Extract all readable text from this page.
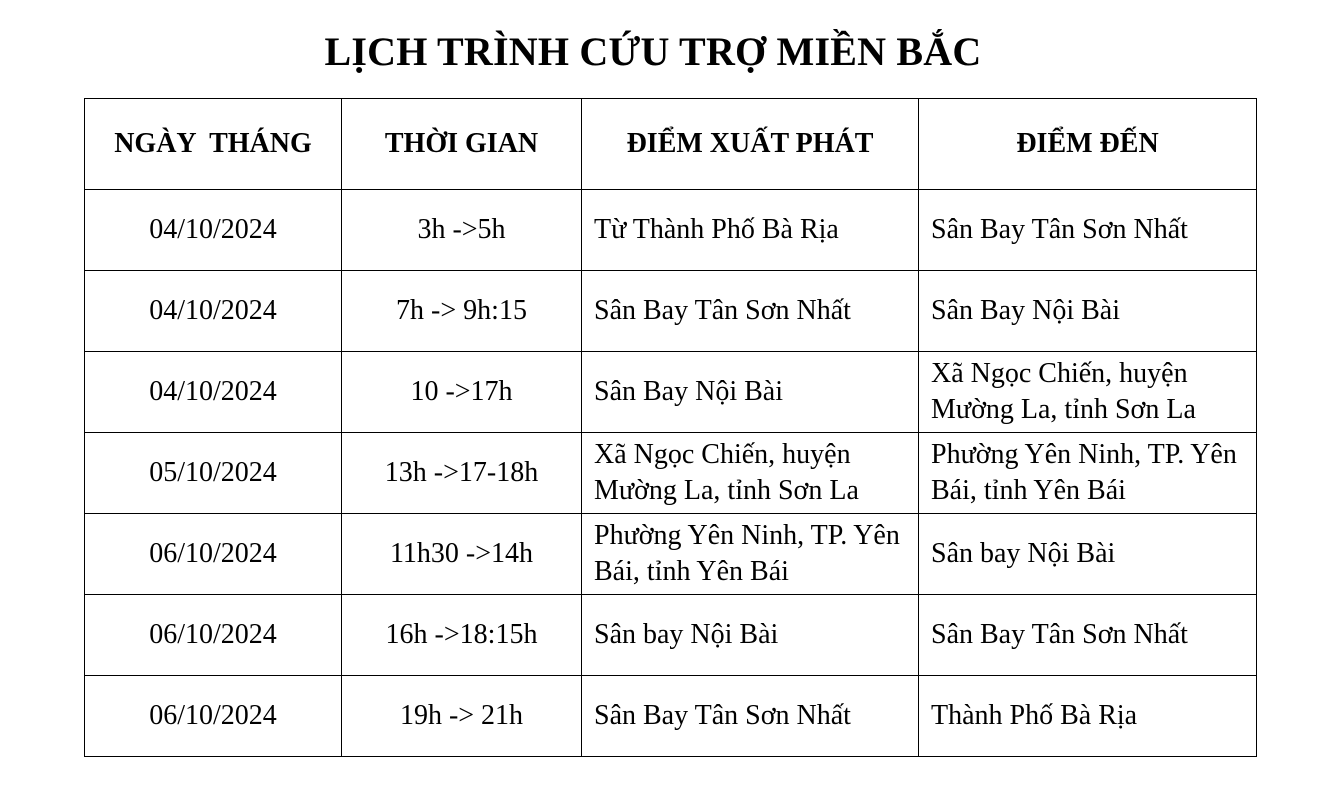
LỊCH TRÌNH CỨU TRỢ MIỀN BẮC
NGÀY  THÁNG	THỜI GIAN	ĐIỂM XUẤT PHÁT	ĐIỂM ĐẾN
04/10/2024	3h ->5h	Từ Thành Phố Bà Rịa	Sân Bay Tân Sơn Nhất
04/10/2024	7h -> 9h:15	Sân Bay Tân Sơn Nhất	Sân Bay Nội Bài
04/10/2024	10 ->17h	Sân Bay Nội Bài	Xã Ngọc Chiến, huyện Mường La, tỉnh Sơn La
05/10/2024	13h ->17-18h	Xã Ngọc Chiến, huyện Mường La, tỉnh Sơn La	Phường Yên Ninh, TP. Yên Bái, tỉnh Yên Bái
06/10/2024	11h30 ->14h	Phường Yên Ninh, TP. Yên Bái, tỉnh Yên Bái	Sân bay Nội Bài
06/10/2024	16h ->18:15h	Sân bay Nội Bài	Sân Bay Tân Sơn Nhất
06/10/2024	19h -> 21h	Sân Bay Tân Sơn Nhất	Thành Phố Bà Rịa
